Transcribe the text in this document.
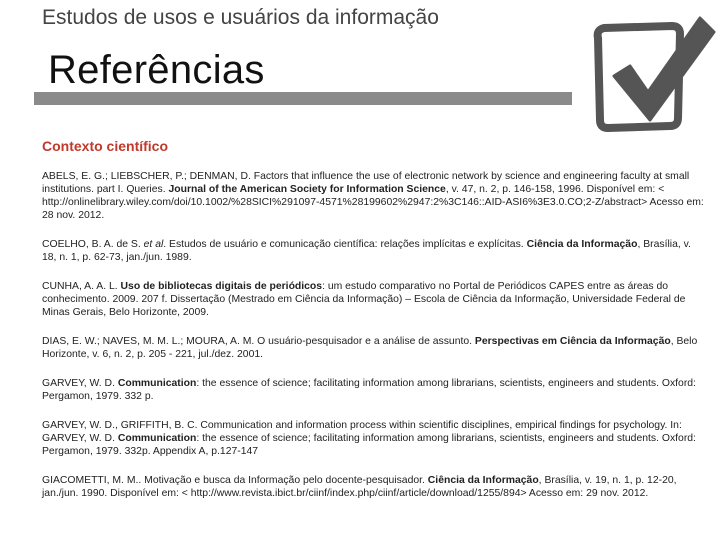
Estudos de usos e usuários da informação
Referências
Contexto científico

ABELS, E. G.; LIEBSCHER, P.; DENMAN, D. Factors that influence the use of electronic network by science and engineering faculty at small institutions. part I. Queries. Journal of the American Society for Information Science, v. 47, n. 2, p. 146-158, 1996. Disponível em: < http://onlinelibrary.wiley.com/doi/10.1002/%28SICI%291097-4571%28199602%2947:2%3C146::AID-ASI6%3E3.0.CO;2-Z/abstract> Acesso em: 28 nov. 2012.

COELHO, B. A. de S. et al. Estudos de usuário e comunicação científica: relações implícitas e explícitas. Ciência da Informação, Brasília, v. 18, n. 1, p. 62-73, jan./jun. 1989.

CUNHA, A. A. L. Uso de bibliotecas digitais de periódicos: um estudo comparativo no Portal de Periódicos CAPES entre as áreas do conhecimento. 2009. 207 f. Dissertação (Mestrado em Ciência da Informação) – Escola de Ciência da Informação, Universidade Federal de Minas Gerais, Belo Horizonte, 2009.

DIAS, E. W.; NAVES, M. M. L.; MOURA, A. M. O usuário-pesquisador e a análise de assunto. Perspectivas em Ciência da Informação, Belo Horizonte, v. 6, n. 2, p. 205 - 221, jul./dez. 2001.

GARVEY, W. D. Communication: the essence of science; facilitating information among librarians, scientists, engineers and students. Oxford: Pergamon, 1979. 332 p.

GARVEY, W. D., GRIFFITH, B. C. Communication and information process within scientific disciplines, empirical findings for psychology. In: GARVEY, W. D. Communication: the essence of science; facilitating information among librarians, scientists, engineers and students. Oxford: Pergamon, 1979. 332p. Appendix A, p.127-147

GIACOMETTI, M. M.. Motivação e busca da Informação pelo docente-pesquisador. Ciência da Informação, Brasília, v. 19, n. 1, p. 12-20, jan./jun. 1990. Disponível em: < http://www.revista.ibict.br/ciinf/index.php/ciinf/article/download/1255/894> Acesso em: 29 nov. 2012.
